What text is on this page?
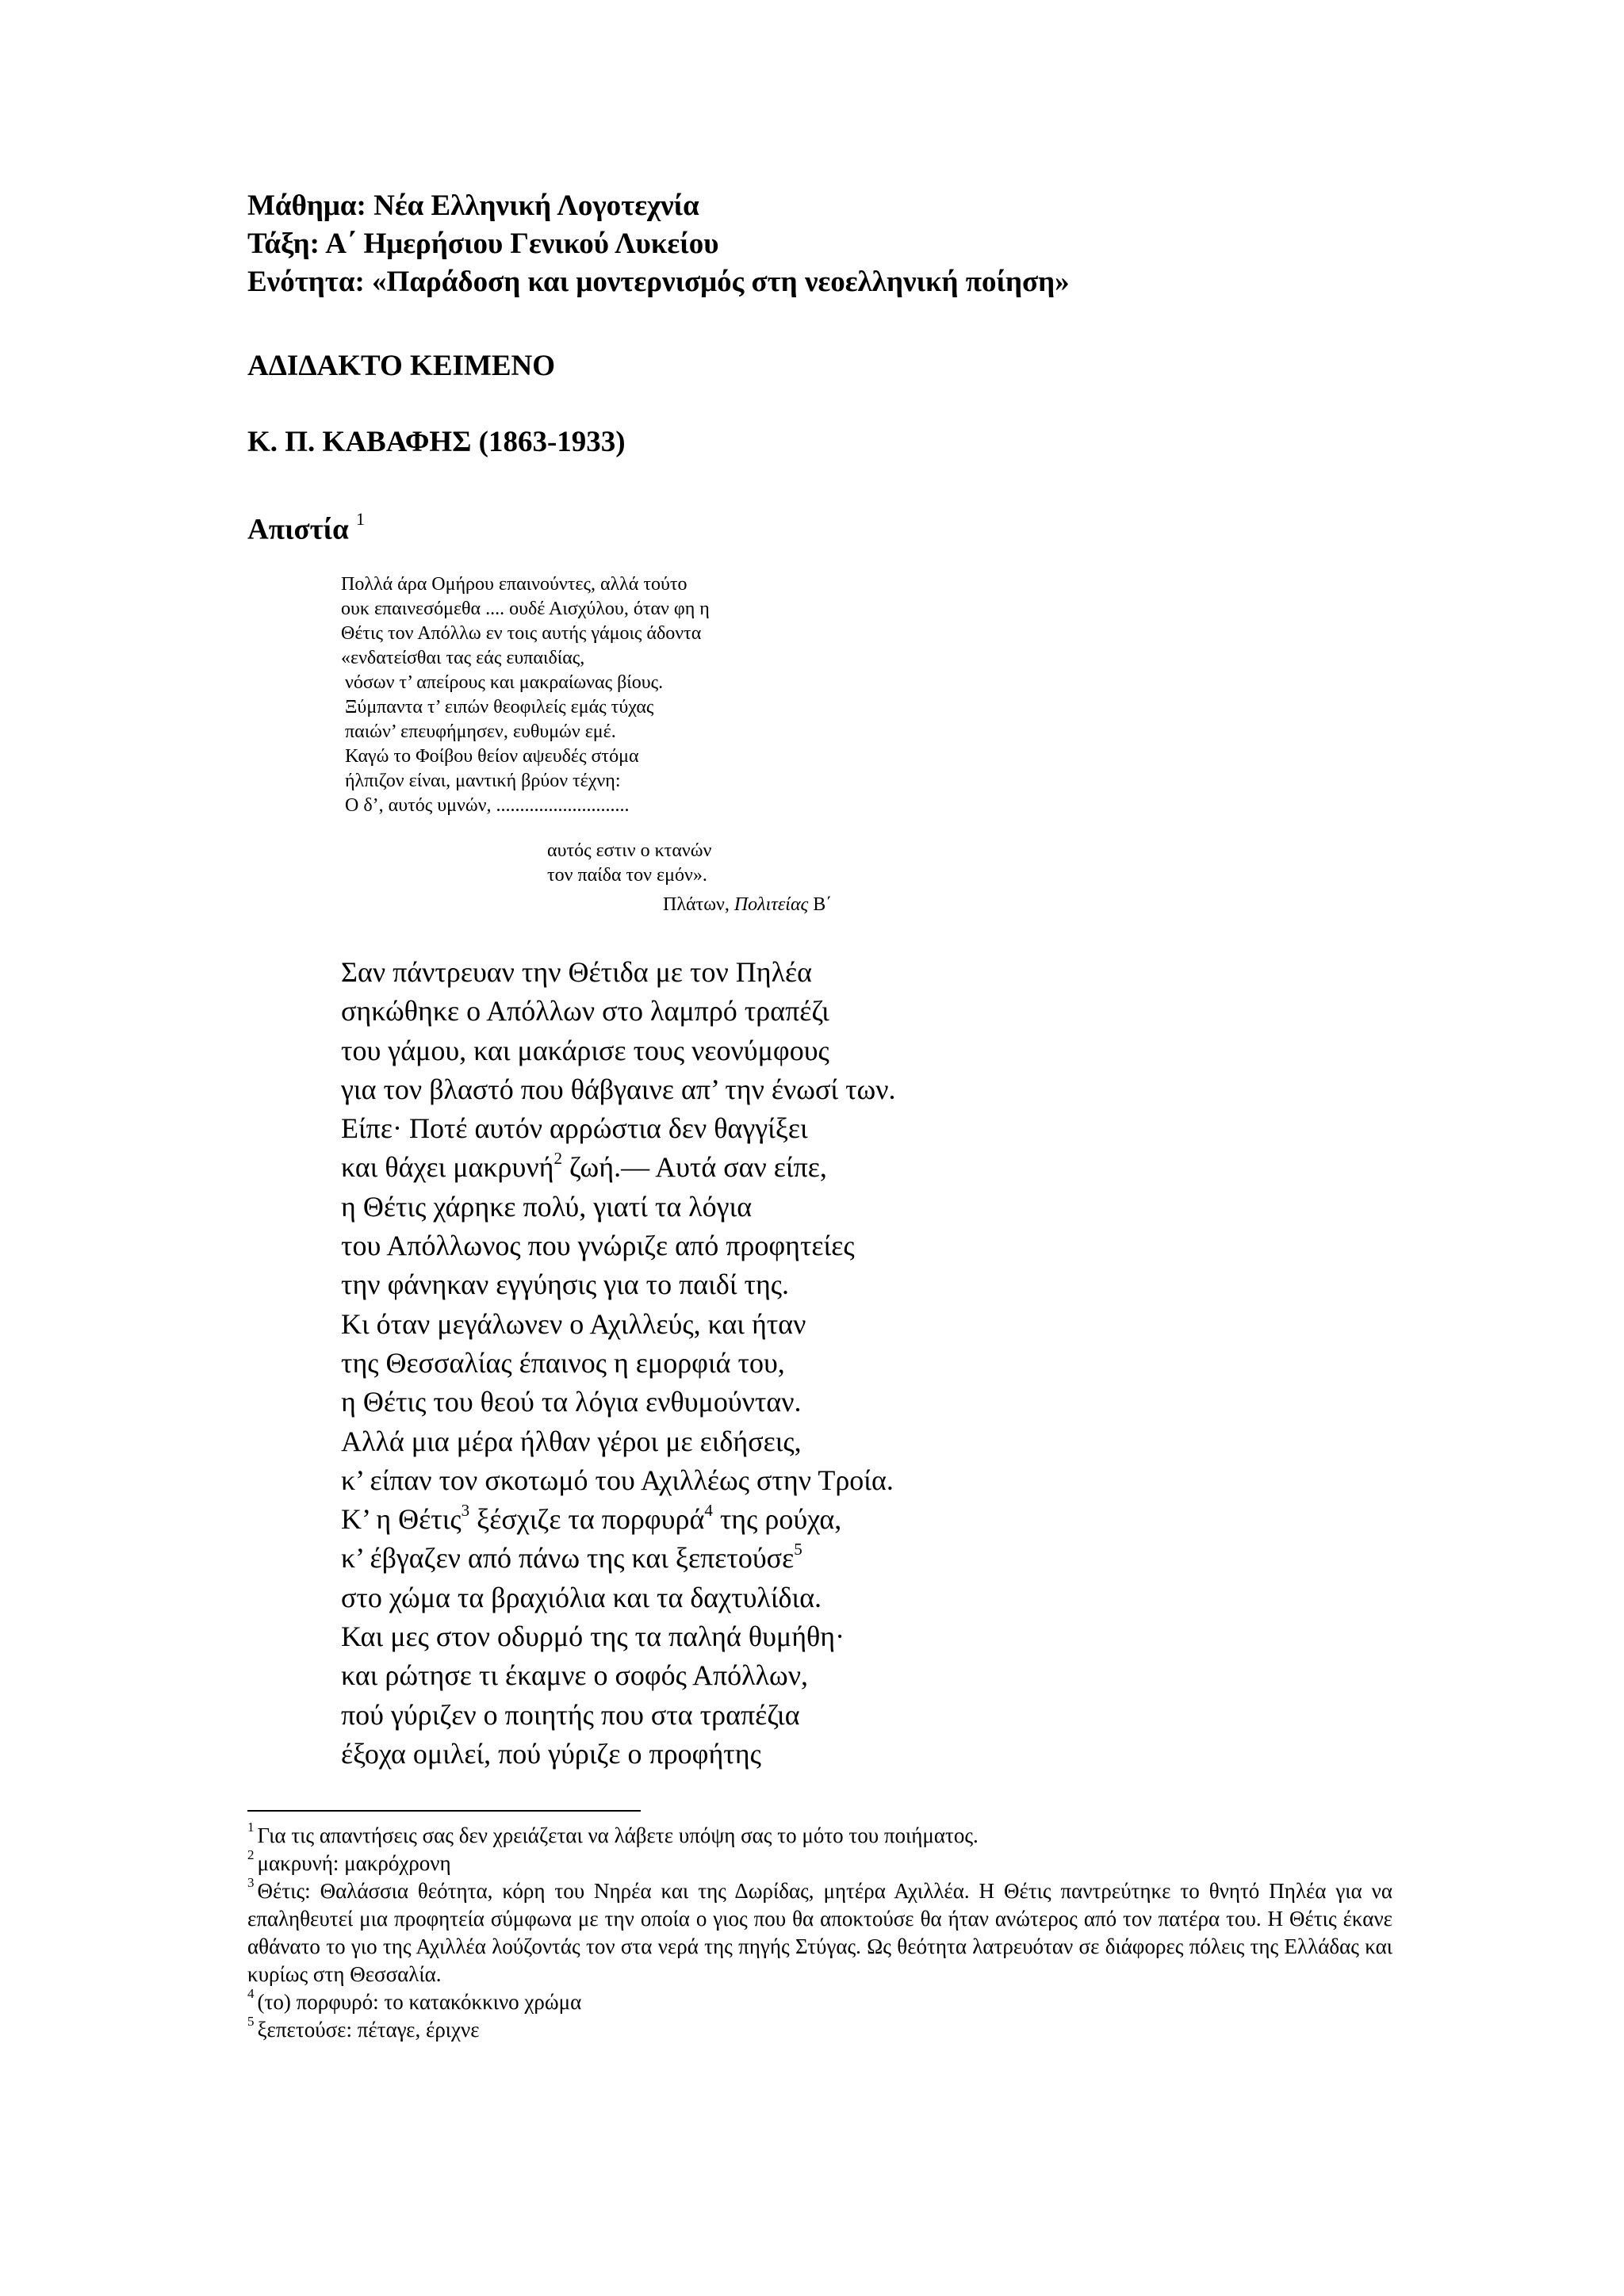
Μάθημα: Νέα Ελληνική Λογοτεχνία
Τάξη: Α΄ Ημερήσιου Γενικού Λυκείου
Ενότητα: «Παράδοση και μοντερνισμός στη νεοελληνική ποίηση»
ΑΔΙΔΑΚΤΟ ΚΕΙΜΕΝΟ
Κ. Π. ΚΑΒΑΦΗΣ (1863-1933)
Απιστία $^1$
Πολλά άρα Ομήρου επαινούντες, αλλά τούτο
ουκ επαινεσόμεθα .... ουδέ Αισχύλου, όταν φη η
Θέτις τον Απόλλω εν τοις αυτής γάμοις άδοντα
«ενδατείσθαι τας εάς ευπαιδίας,
νόσων τ’ απείρους και μακραίωνας βίους.
Ξύμπαντα τ’ ειπών θεοφιλείς εμάς τύχας
παιών’ επευφήμησεν, ευθυμών εμέ.
Καγώ το Φοίβου θείον αψευδές στόμα
ήλπιζον είναι, μαντική βρύον τέχνη:
Ο δ’, αυτός υμνών, ............................
αυτός εστιν ο κτανών
τον παίδα τον εμόν».
Πλάτων, Πολιτείας Β΄
Σαν πάντρευαν την Θέτιδα με τον Πηλέα
σηκώθηκε ο Απόλλων στο λαμπρό τραπέζι
του γάμου, και μακάρισε τους νεονύμφους
για τον βλαστό που θάβγαινε απ’ την ένωσί των.
Είπε· Ποτέ αυτόν αρρώστια δεν θαγγίξει
και θάχει μακρυνή$^2$ ζωή.— Αυτά σαν είπε,
η Θέτις χάρηκε πολύ, γιατί τα λόγια
του Απόλλωνος που γνώριζε από προφητείες
την φάνηκαν εγγύησις για το παιδί της.
Κι όταν μεγάλωνεν ο Αχιλλεύς, και ήταν
της Θεσσαλίας έπαινος η εμορφιά του,
η Θέτις του θεού τα λόγια ενθυμούνταν.
Αλλά μια μέρα ήλθαν γέροι με ειδήσεις,
κ’ είπαν τον σκοτωμό του Αχιλλέως στην Τροία.
Κ’ η Θέτις$^3$ ξέσχιζε τα πορφυρά$^4$ της ρούχα,
κ’ έβγαζεν από πάνω της και ξεπετούσε$^5$
στο χώμα τα βραχιόλια και τα δαχτυλίδια.
Και μες στον οδυρμό της τα παληά θυμήθη·
και ρώτησε τι έκαμνε ο σοφός Απόλλων,
πού γύριζεν ο ποιητής που στα τραπέζια
έξοχα ομιλεί, πού γύριζε ο προφήτης
$^1$ Για τις απαντήσεις σας δεν χρειάζεται να λάβετε υπόψη σας το μότο του ποιήματος.
$^2$ μακρυνή: μακρόχρονη
$^3$ Θέτις: Θαλάσσια θεότητα, κόρη του Νηρέα και της Δωρίδας, μητέρα Αχιλλέα. Η Θέτις παντρεύτηκε το θνητό Πηλέα για να επαληθευτεί μια προφητεία σύμφωνα με την οποία ο γιος που θα αποκτούσε θα ήταν ανώτερος από τον πατέρα του. Η Θέτις έκανε αθάνατο το γιο της Αχιλλέα λούζοντάς τον στα νερά της πηγής Στύγας. Ως θεότητα λατρευόταν σε διάφορες πόλεις της Ελλάδας και κυρίως στη Θεσσαλία.
$^4$ (το) πορφυρό: το κατακόκκινο χρώμα
$^5$ ξεπετούσε: πέταγε, έριχνε
